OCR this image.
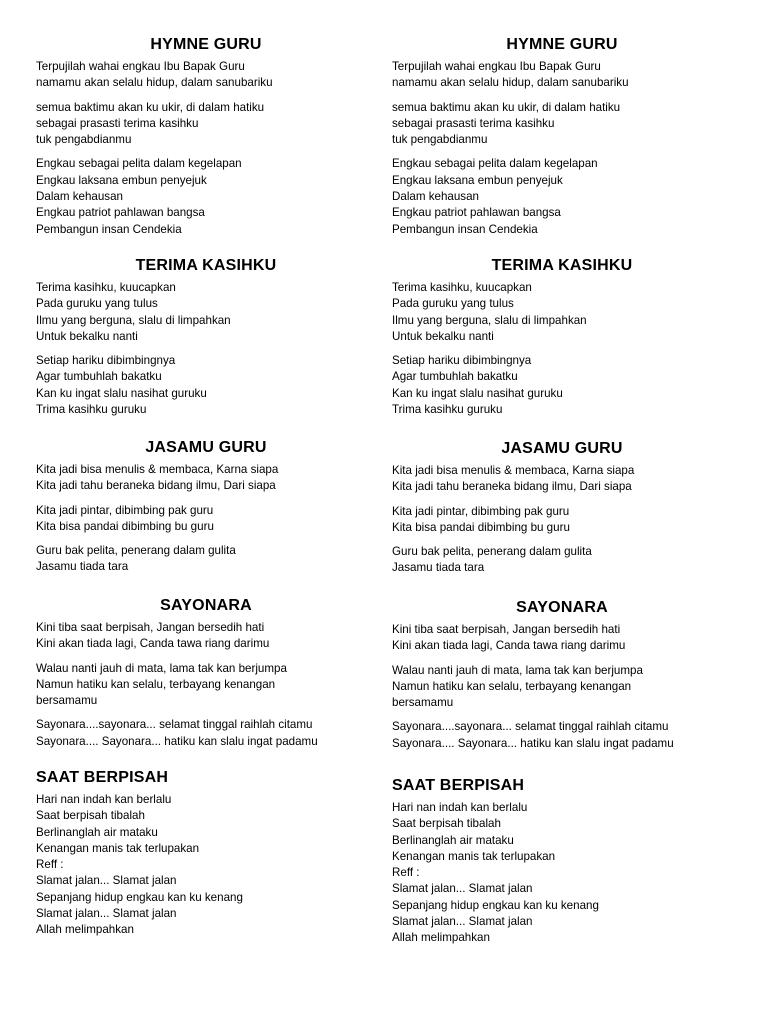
HYMNE GURU
Terpujilah wahai engkau Ibu Bapak Guru
namamu akan selalu hidup, dalam sanubariku
semua baktimu akan ku ukir, di dalam hatiku
sebagai prasasti terima kasihku
tuk pengabdianmu
Engkau sebagai pelita dalam kegelapan
Engkau laksana embun penyejuk
Dalam kehausan
Engkau patriot pahlawan bangsa
Pembangun insan Cendekia
TERIMA KASIHKU
Terima kasihku, kuucapkan
Pada guruku yang tulus
Ilmu yang berguna, slalu di limpahkan
Untuk bekalku nanti
Setiap hariku dibimbingnya
Agar tumbuhlah bakatku
Kan ku ingat slalu nasihat guruku
Trima kasihku guruku
JASAMU GURU
Kita jadi bisa menulis & membaca, Karna siapa
Kita jadi tahu beraneka bidang ilmu, Dari siapa
Kita jadi pintar, dibimbing pak guru
Kita bisa pandai dibimbing bu guru
Guru bak pelita, penerang dalam gulita
Jasamu tiada tara
SAYONARA
Kini tiba saat berpisah, Jangan bersedih hati
Kini akan tiada lagi, Canda tawa riang darimu
Walau nanti jauh di mata, lama tak kan berjumpa
Namun hatiku kan selalu, terbayang kenangan
bersamamu
Sayonara....sayonara... selamat tinggal raihlah citamu
Sayonara.... Sayonara... hatiku kan slalu ingat padamu
SAAT BERPISAH
Hari nan indah kan berlalu
Saat berpisah tibalah
Berlinanglah air mataku
Kenangan manis tak terlupakan
Reff :
Slamat jalan... Slamat jalan
Sepanjang hidup engkau kan ku kenang
Slamat jalan... Slamat jalan
Allah melimpahkan
HYMNE GURU
Terpujilah wahai engkau Ibu Bapak Guru
namamu akan selalu hidup, dalam sanubariku
semua baktimu akan ku ukir, di dalam hatiku
sebagai prasasti terima kasihku
tuk pengabdianmu
Engkau sebagai pelita dalam kegelapan
Engkau laksana embun penyejuk
Dalam kehausan
Engkau patriot pahlawan bangsa
Pembangun insan Cendekia
TERIMA KASIHKU
Terima kasihku, kuucapkan
Pada guruku yang tulus
Ilmu yang berguna, slalu di limpahkan
Untuk bekalku nanti
Setiap hariku dibimbingnya
Agar tumbuhlah bakatku
Kan ku ingat slalu nasihat guruku
Trima kasihku guruku
JASAMU GURU
Kita jadi bisa menulis & membaca, Karna siapa
Kita jadi tahu beraneka bidang ilmu, Dari siapa
Kita jadi pintar, dibimbing pak guru
Kita bisa pandai dibimbing bu guru
Guru bak pelita, penerang dalam gulita
Jasamu tiada tara
SAYONARA
Kini tiba saat berpisah, Jangan bersedih hati
Kini akan tiada lagi, Canda tawa riang darimu
Walau nanti jauh di mata, lama tak kan berjumpa
Namun hatiku kan selalu, terbayang kenangan
bersamamu
Sayonara....sayonara... selamat tinggal raihlah citamu
Sayonara.... Sayonara... hatiku kan slalu ingat padamu
SAAT BERPISAH
Hari nan indah kan berlalu
Saat berpisah tibalah
Berlinanglah air mataku
Kenangan manis tak terlupakan
Reff :
Slamat jalan... Slamat jalan
Sepanjang hidup engkau kan ku kenang
Slamat jalan... Slamat jalan
Allah melimpahkan
